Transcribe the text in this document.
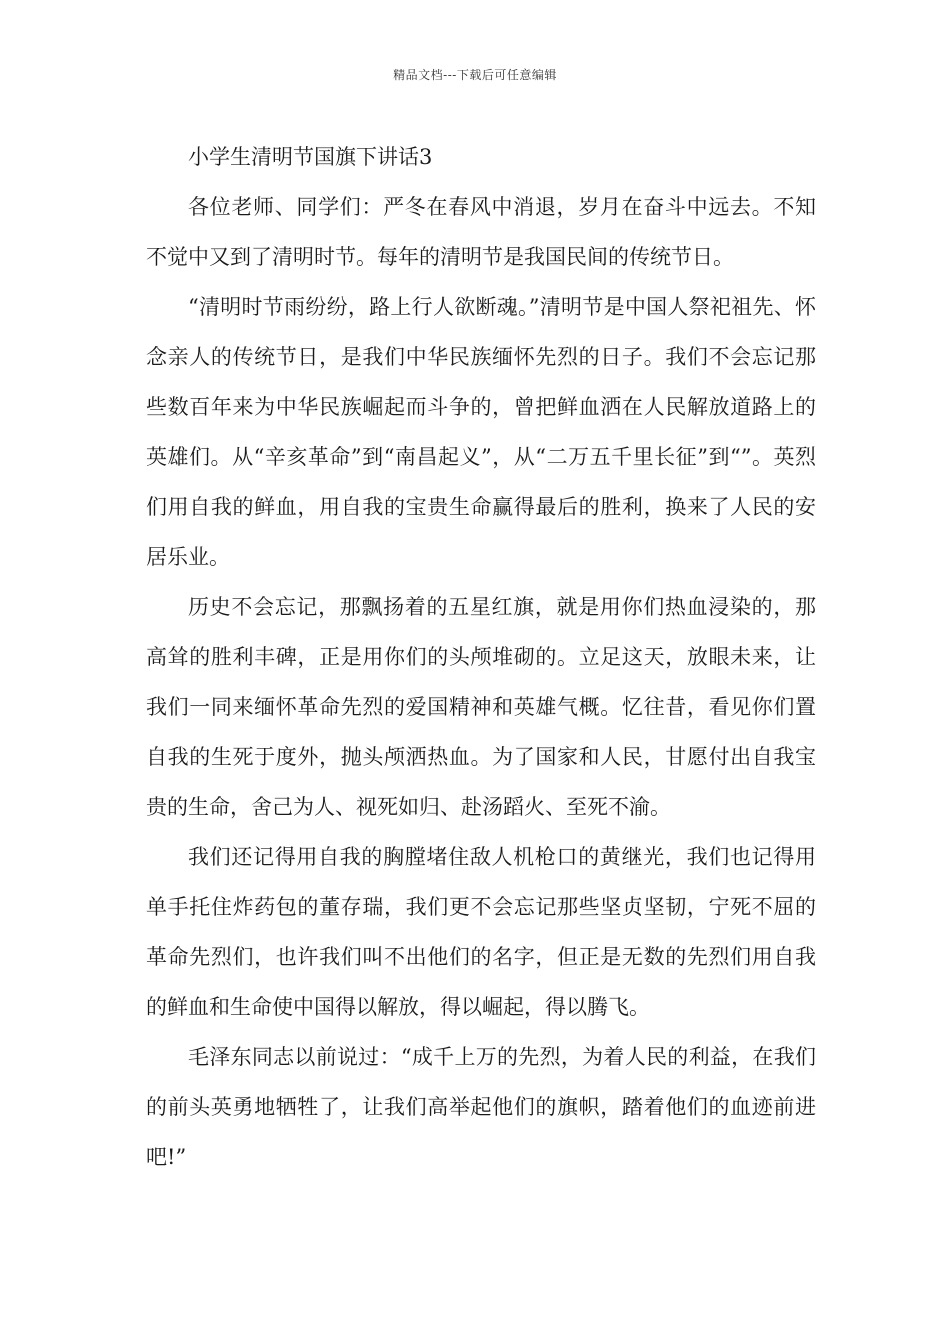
精品文档---下载后可任意编辑

小学生清明节国旗下讲话3

各位老师、同学们：严冬在春风中消退，岁月在奋斗中远去。不知不觉中又到了清明时节。每年的清明节是我国民间的传统节日。

“清明时节雨纷纷，路上行人欲断魂。”清明节是中国人祭祀祖先、怀念亲人的传统节日，是我们中华民族缅怀先烈的日子。我们不会忘记那些数百年来为中华民族崛起而斗争的，曾把鲜血洒在人民解放道路上的英雄们。从“辛亥革命”到“南昌起义”，从“二万五千里长征”到“”。英烈们用自我的鲜血，用自我的宝贵生命赢得最后的胜利，换来了人民的安居乐业。

历史不会忘记，那飘扬着的五星红旗，就是用你们热血浸染的，那高耸的胜利丰碑，正是用你们的头颅堆砌的。立足这天，放眼未来，让我们一同来缅怀革命先烈的爱国精神和英雄气概。忆往昔，看见你们置自我的生死于度外，抛头颅洒热血。为了国家和人民，甘愿付出自我宝贵的生命，舍己为人、视死如归、赴汤蹈火、至死不渝。

我们还记得用自我的胸膛堵住敌人机枪口的黄继光，我们也记得用单手托住炸药包的董存瑞，我们更不会忘记那些坚贞坚韧，宁死不屈的革命先烈们，也许我们叫不出他们的名字，但正是无数的先烈们用自我的鲜血和生命使中国得以解放，得以崛起，得以腾飞。

毛泽东同志以前说过：“成千上万的先烈，为着人民的利益，在我们的前头英勇地牺牲了，让我们高举起他们的旗帜，踏着他们的血迹前进吧!”
